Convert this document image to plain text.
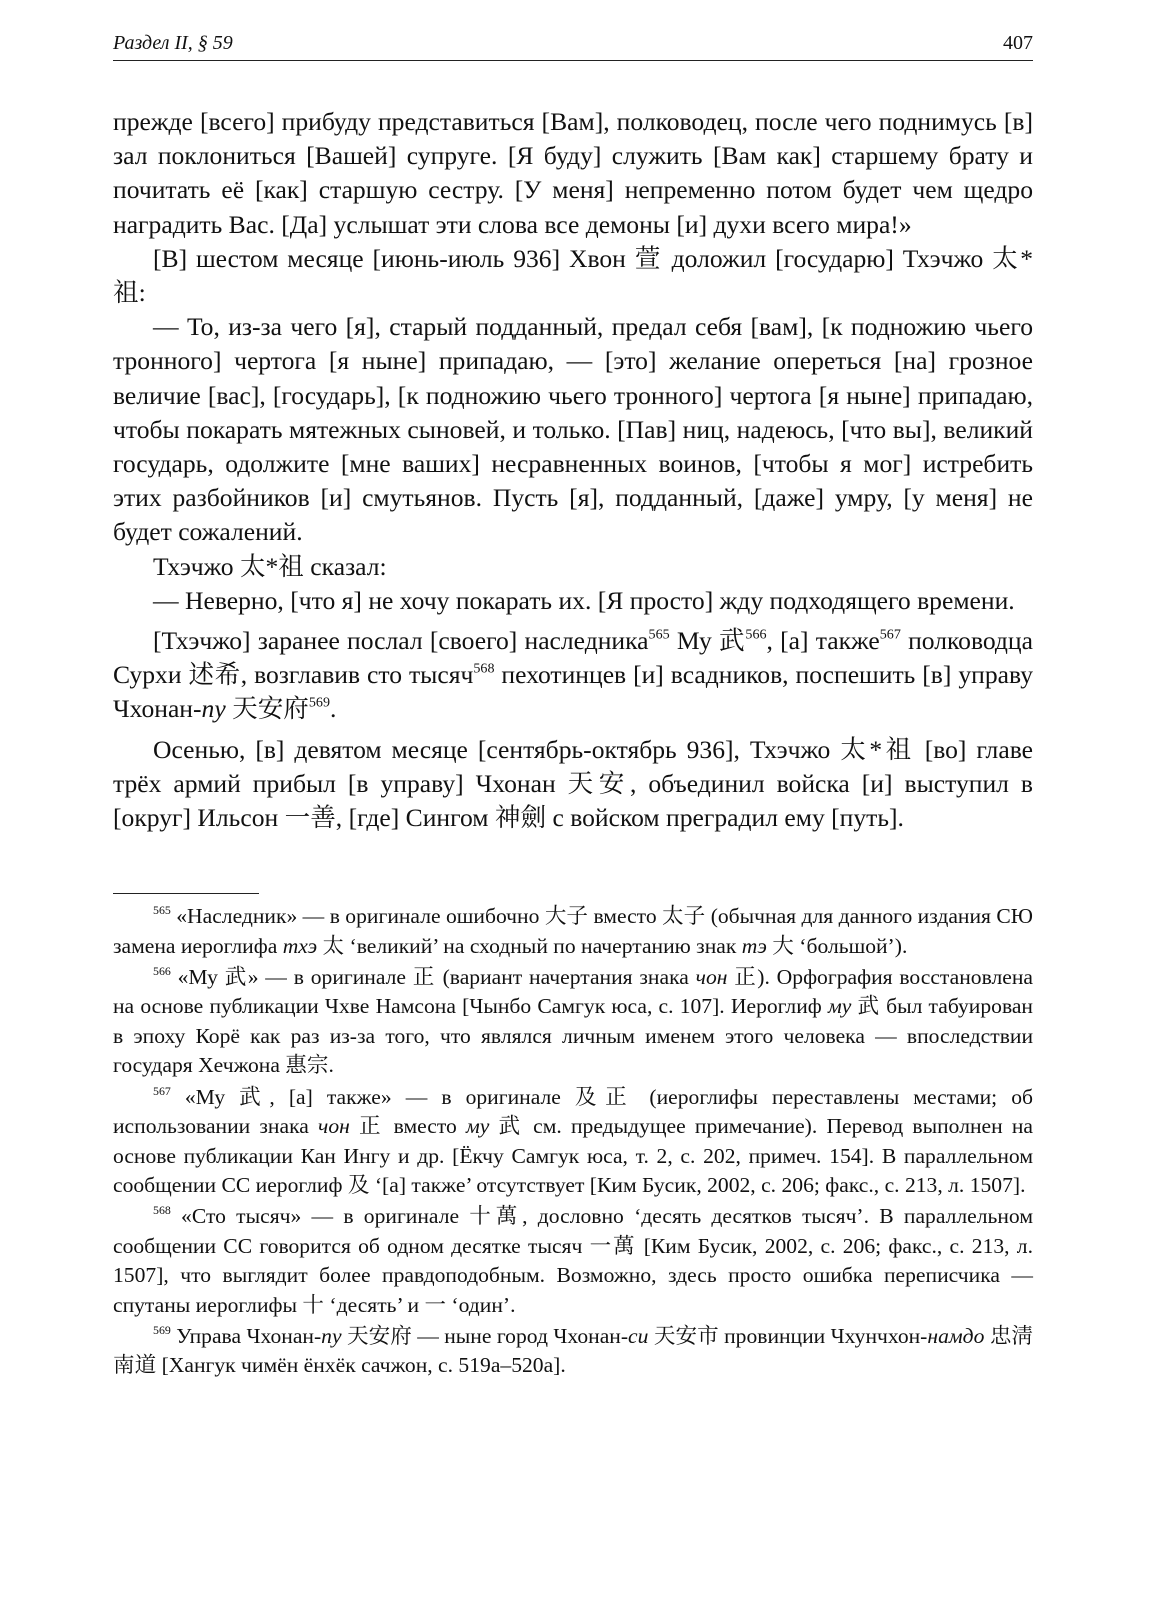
Раздел II, § 59	407

прежде [всего] прибуду представиться [Вам], полководец, после чего поднимусь [в] зал поклониться [Вашей] супруге. [Я буду] служить [Вам как] старшему брату и почитать её [как] старшую сестру. [У меня] непременно потом будет чем щедро наградить Вас. [Да] услышат эти слова все демоны [и] духи всего мира!»

[В] шестом месяце [июнь-июль 936] Хвон 萱 доложил [государю] Тхэчжо 太*祖:

— То, из-за чего [я], старый подданный, предал себя [вам], [к подножию чьего тронного] чертога [я ныне] припадаю, — [это] желание опереться [на] грозное величие [вас], [государь], [к подножию чьего тронного] чертога [я ныне] припадаю, чтобы покарать мятежных сыновей, и только. [Пав] ниц, надеюсь, [что вы], великий государь, одолжите [мне ваших] несравненных воинов, [чтобы я мог] истребить этих разбойников [и] смутьянов. Пусть [я], подданный, [даже] умру, [у меня] не будет сожалений.

Тхэчжо 太*祖 сказал:

— Неверно, [что я] не хочу покарать их. [Я просто] жду подходящего времени.

[Тхэчжо] заранее послал [своего] наследника$^{565}$ Му 武$^{566}$, [а] также$^{567}$ полководца Сурхи 述希, возглавив сто тысяч$^{568}$ пехотинцев [и] всадников, поспешить [в] управу Чхонан-пу 天安府$^{569}$.

Осенью, [в] девятом месяце [сентябрь-октябрь 936], Тхэчжо 太*祖 [во] главе трёх армий прибыл [в управу] Чхонан 天安, объединил войска [и] выступил в [округ] Ильсон 一善, [где] Сингом 神劍 с войском преградил ему [путь].

$^{565}$ «Наследник» — в оригинале ошибочно 大子 вместо 太子 (обычная для данного издания СЮ замена иероглифа тхэ 太 ‘великий’ на сходный по начертанию знак тэ 大 ‘большой’).

$^{566}$ «Му 武» — в оригинале 正 (вариант начертания знака чон 正). Орфография восстановлена на основе публикации Чхве Намсона [Чынбо Самгук юса, с. 107]. Иероглиф му 武 был табуирован в эпоху Корё как раз из-за того, что являлся личным именем этого человека — впоследствии государя Хечжона 惠宗.

$^{567}$ «Му 武, [а] также» — в оригинале 及正 (иероглифы переставлены местами; об использовании знака чон 正 вместо му 武 см. предыдущее примечание). Перевод выполнен на основе публикации Кан Ингу и др. [Ёкчу Самгук юса, т. 2, с. 202, примеч. 154]. В параллельном сообщении СС иероглиф 及 ‘[а] также’ отсутствует [Ким Бусик, 2002, с. 206; факс., с. 213, л. 1507].

$^{568}$ «Сто тысяч» — в оригинале 十萬, дословно ‘десять десятков тысяч’. В параллельном сообщении СС говорится об одном десятке тысяч 一萬 [Ким Бусик, 2002, с. 206; факс., с. 213, л. 1507], что выглядит более правдоподобным. Возможно, здесь просто ошибка переписчика — спутаны иероглифы 十 ‘десять’ и 一 ‘один’.

$^{569}$ Управа Чхонан-пу 天安府 — ныне город Чхонан-си 天安市 провинции Чхунчхон-намдо 忠淸南道 [Хангук чимён ёнхёк сачжон, с. 519а–520а].
